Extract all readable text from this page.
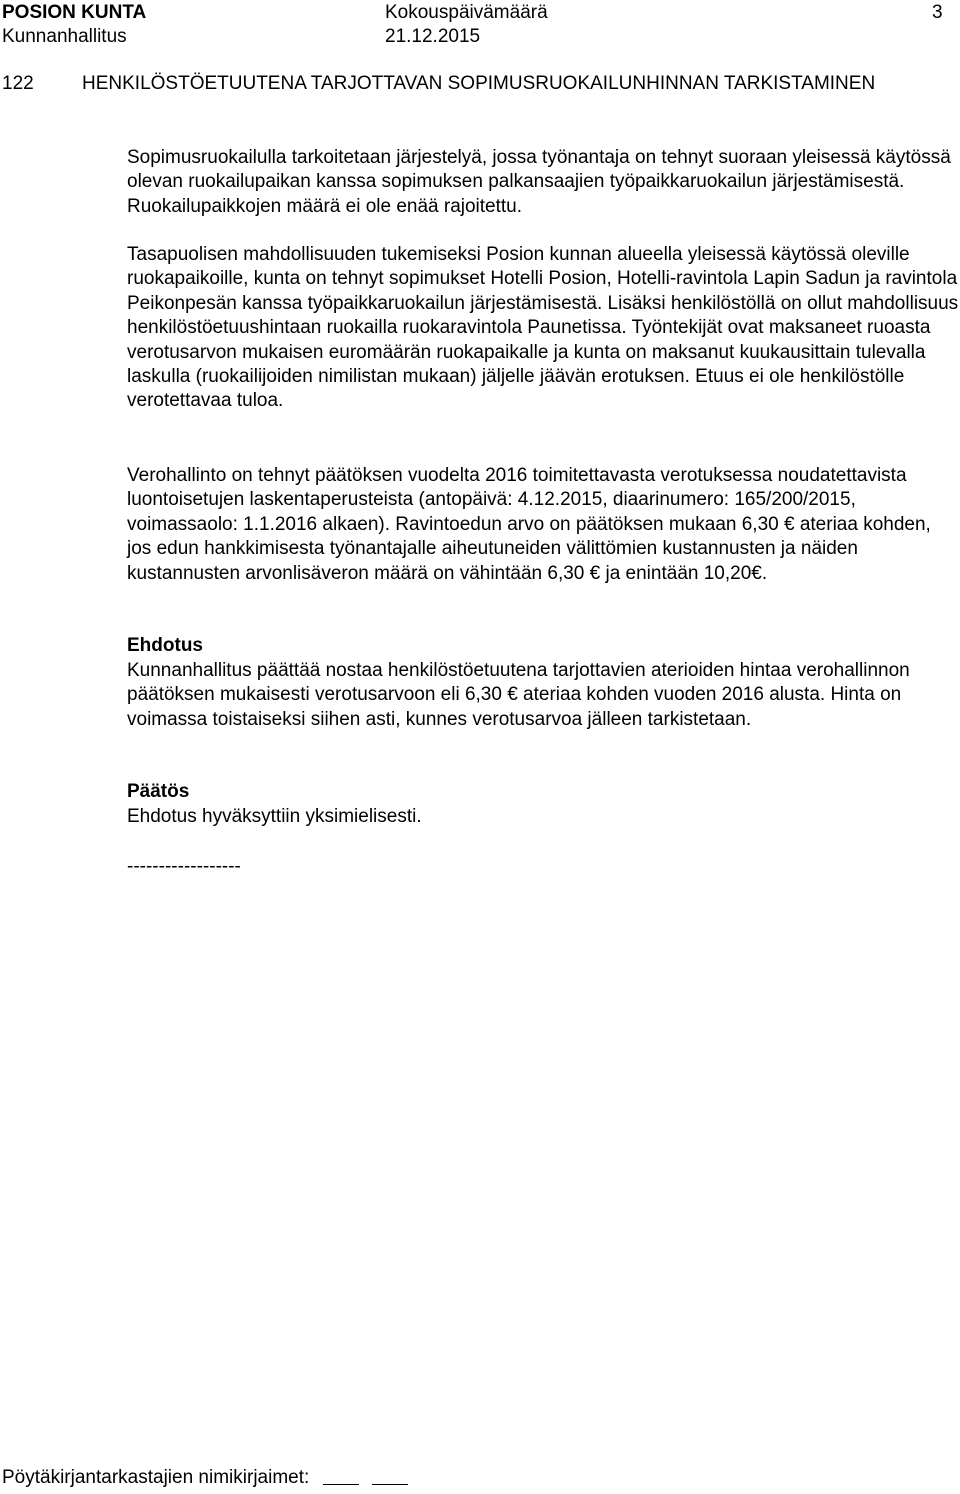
POSION KUNTA	Kokouspäivämäärä	3
Kunnanhallitus	21.12.2015
122	HENKILÖSTÖETUUTENA TARJOTTAVAN SOPIMUSRUOKAILUNHINNAN TARKISTAMINEN

Sopimusruokailulla tarkoitetaan järjestelyä, jossa työnantaja on tehnyt suoraan yleisessä käytössä olevan ruokailupaikan kanssa sopimuksen palkansaajien työpaikkaruokailun järjestämisestä. Ruokailupaikkojen määrä ei ole enää rajoitettu.

Tasapuolisen mahdollisuuden tukemiseksi Posion kunnan alueella yleisessä käytössä oleville ruokapaikoille, kunta on tehnyt sopimukset Hotelli Posion, Hotelli-ravintola Lapin Sadun ja ravintola Peikonpesän kanssa työpaikkaruokailun järjestämisestä. Lisäksi henkilöstöllä on ollut mahdollisuus henkilöstöetuushintaan ruokailla ruokaravintola Paunetissa. Työntekijät ovat maksaneet ruoasta verotusarvon mukaisen euromäärän ruokapaikalle ja kunta on maksanut kuukausittain tulevalla laskulla (ruokailijoiden nimilistan mukaan) jäljelle jäävän erotuksen. Etuus ei ole henkilöstölle verotettavaa tuloa.

Verohallinto on tehnyt päätöksen vuodelta 2016 toimitettavasta verotuksessa noudatettavista luontoisetujen laskentaperusteista (antopäivä: 4.12.2015, diaarinumero: 165/200/2015, voimassaolo: 1.1.2016 alkaen). Ravintoedun arvo on päätöksen mukaan 6,30 € ateriaa kohden, jos edun hankkimisesta työnantajalle aiheutuneiden välittömien kustannusten ja näiden kustannusten arvonlisäveron määrä on vähintään 6,30 € ja enintään 10,20€.

Ehdotus

Kunnanhallitus päättää nostaa henkilöstöetuutena tarjottavien aterioiden hintaa verohallinnon päätöksen mukaisesti verotusarvoon eli 6,30 € ateriaa kohden vuoden 2016 alusta. Hinta on voimassa toistaiseksi siihen asti, kunnes verotusarvoa jälleen tarkistetaan.

Päätös

Ehdotus hyväksyttiin yksimielisesti.

------------------

Pöytäkirjantarkastajien nimikirjaimet:
